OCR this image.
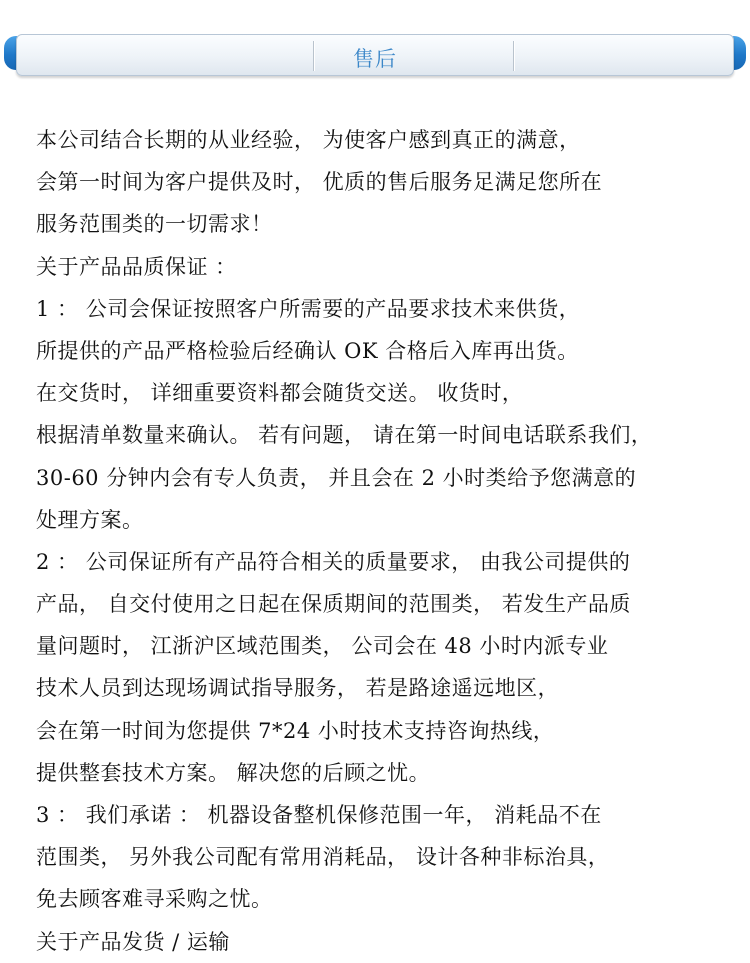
售后
本公司结合长期的从业经验， 为使客户感到真正的满意，
会第一时间为客户提供及时， 优质的售后服务足满足您所在
服务范围类的一切需求！
关于产品品质保证 ：
1 ： 公司会保证按照客户所需要的产品要求技术来供货，
所提供的产品严格检验后经确认 OK 合格后入库再出货。
在交货时， 详细重要资料都会随货交送。 收货时，
根据清单数量来确认。 若有问题， 请在第一时间电话联系我们，
30-60 分钟内会有专人负责， 并且会在 2 小时类给予您满意的
处理方案。
2 ： 公司保证所有产品符合相关的质量要求， 由我公司提供的
产品， 自交付使用之日起在保质期间的范围类， 若发生产品质
量问题时， 江浙沪区域范围类， 公司会在 48 小时内派专业
技术人员到达现场调试指导服务， 若是路途遥远地区，
会在第一时间为您提供 7*24 小时技术支持咨询热线，
提供整套技术方案。 解决您的后顾之忧。
3 ： 我们承诺 ： 机器设备整机保修范围一年， 消耗品不在
范围类， 另外我公司配有常用消耗品， 设计各种非标治具，
免去顾客难寻采购之忧。
关于产品发货 / 运输
